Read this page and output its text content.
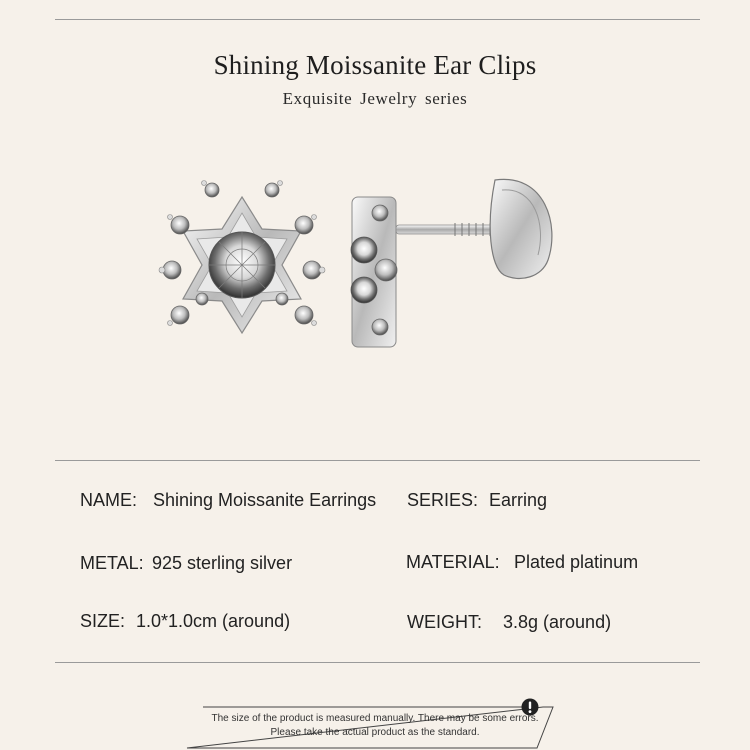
Shining Moissanite Ear Clips
Exquisite Jewelry series
NAME: Shining Moissanite Earrings SERIES: Earring
METAL: 925 sterling silver	MATERIAL: Plated platinum
SIZE: 1.0*1.0cm (around)	WEIGHT: 3.8g (around)
The size of the product is measured manually. There may be some errors.
Please take the actual product as the standard.
